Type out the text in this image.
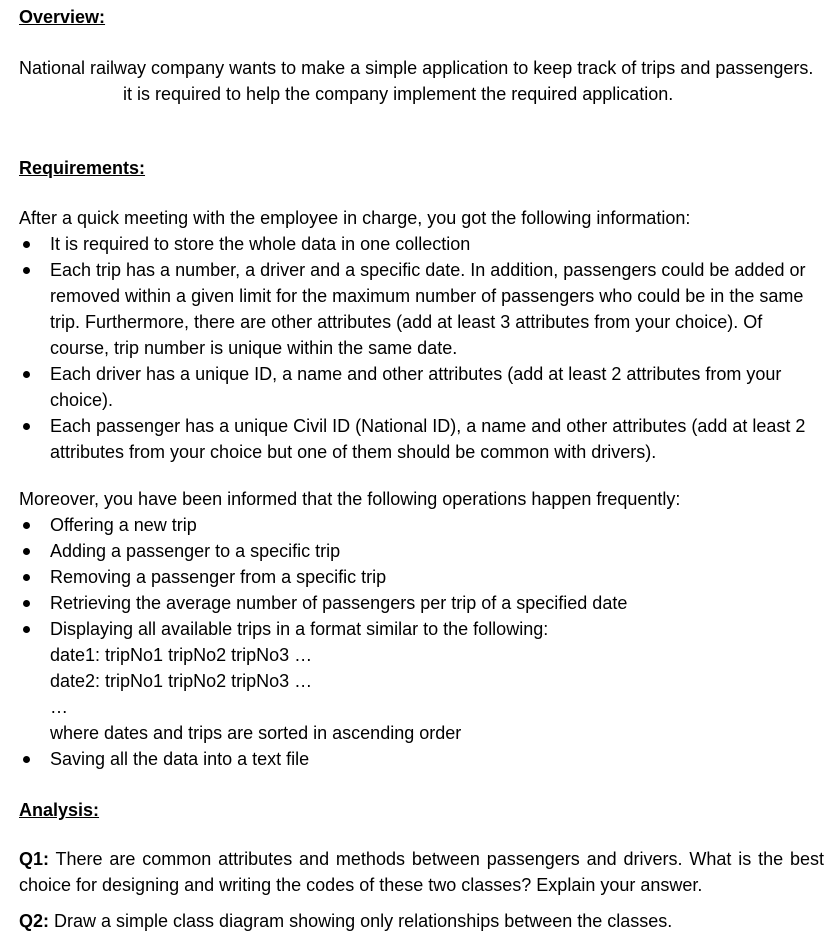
Overview:
National railway company wants to make a simple application to keep track of trips and passengers.
it is required to help the company implement the required application.
Requirements:
After a quick meeting with the employee in charge, you got the following information:
It is required to store the whole data in one collection
Each trip has a number, a driver and a specific date. In addition, passengers could be added or removed within a given limit for the maximum number of passengers who could be in the same trip. Furthermore, there are other attributes (add at least 3 attributes from your choice). Of course, trip number is unique within the same date.
Each driver has a unique ID, a name and other attributes (add at least 2 attributes from your choice).
Each passenger has a unique Civil ID (National ID), a name and other attributes (add at least 2 attributes from your choice but one of them should be common with drivers).
Moreover, you have been informed that the following operations happen frequently:
Offering a new trip
Adding a passenger to a specific trip
Removing a passenger from a specific trip
Retrieving the average number of passengers per trip of a specified date
Displaying all available trips in a format similar to the following:
date1: tripNo1 tripNo2 tripNo3 …
date2: tripNo1 tripNo2 tripNo3 …
…
where dates and trips are sorted in ascending order
Saving all the data into a text file
Analysis:
Q1: There are common attributes and methods between passengers and drivers. What is the best choice for designing and writing the codes of these two classes? Explain your answer.
Q2: Draw a simple class diagram showing only relationships between the classes.
